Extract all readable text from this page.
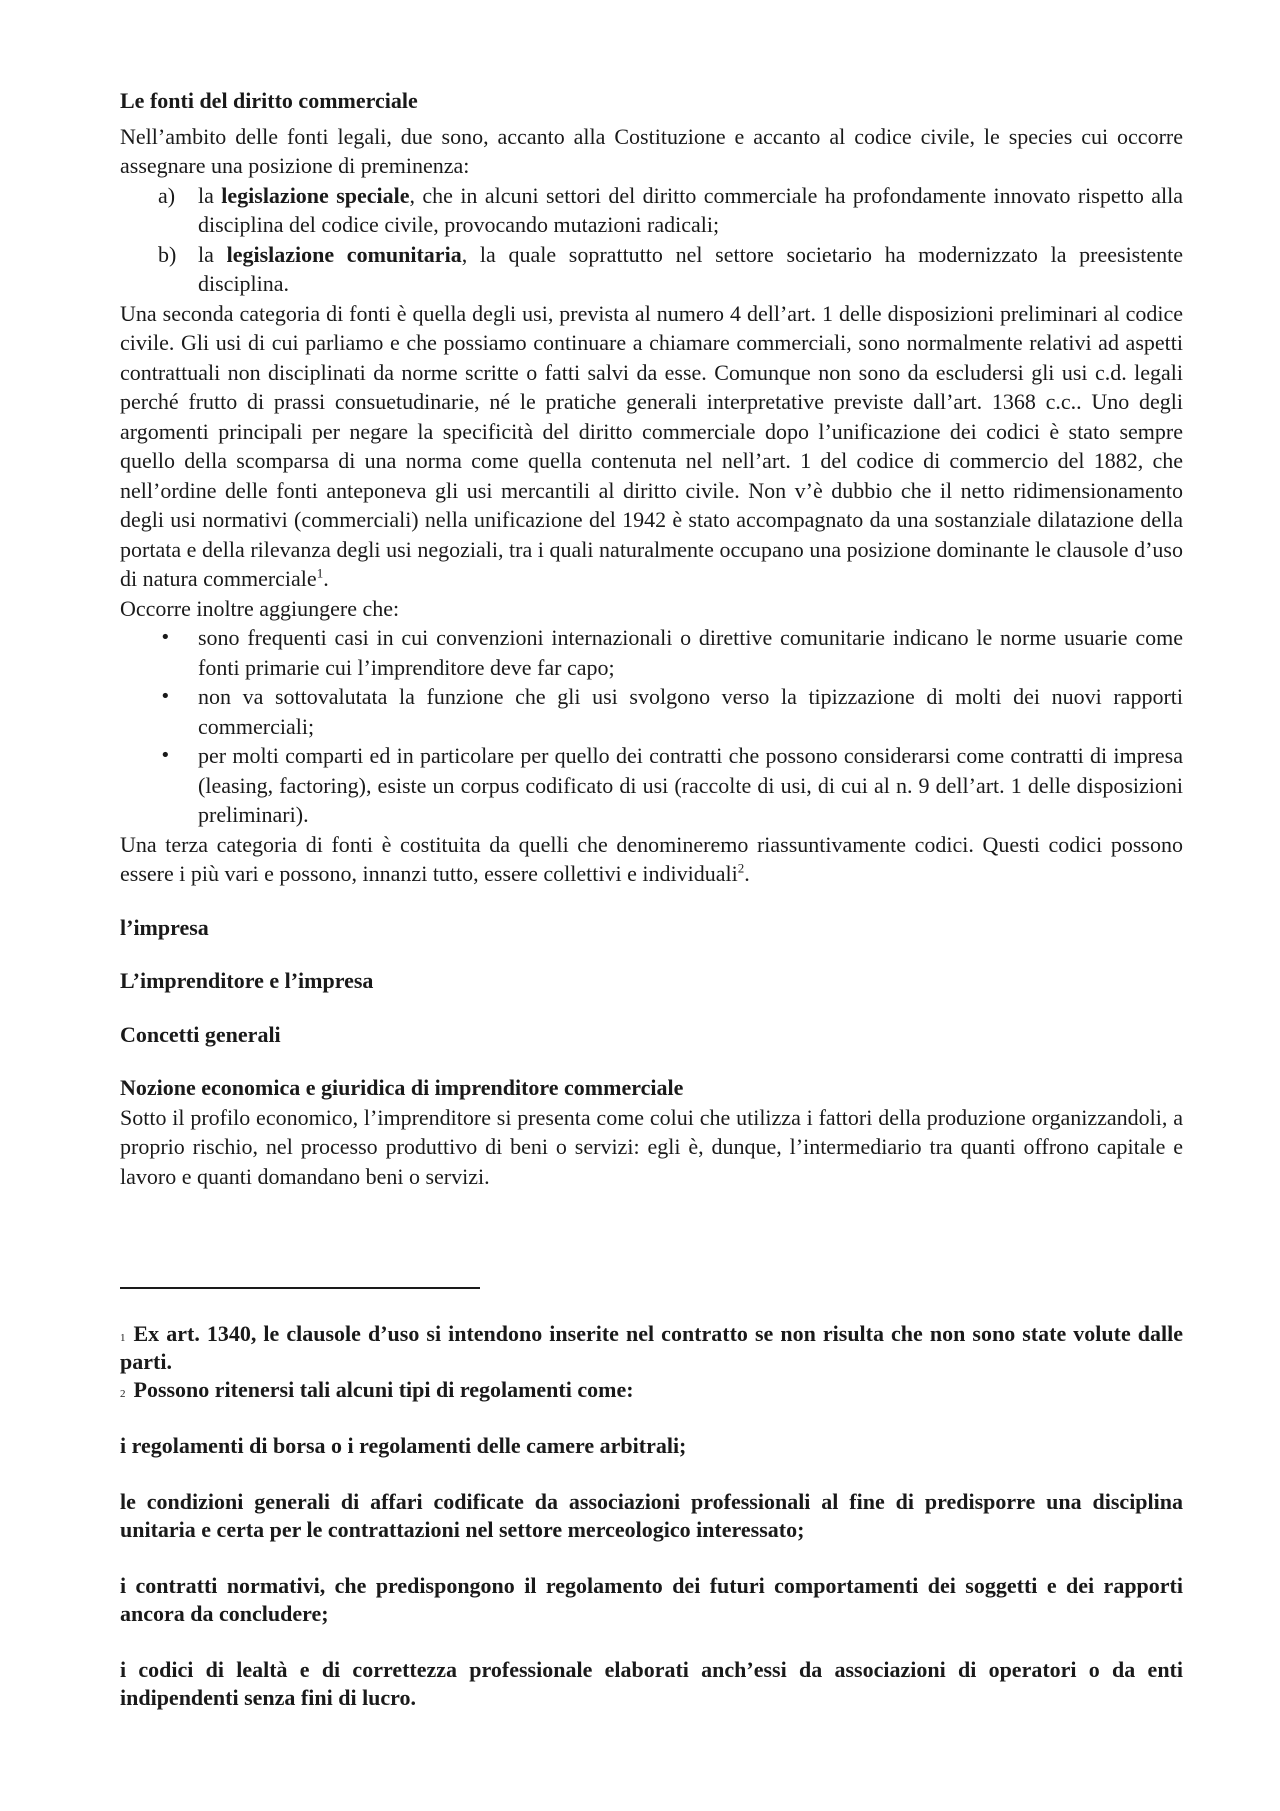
Le fonti del diritto commerciale

Nell’ambito delle fonti legali, due sono, accanto alla Costituzione e accanto al codice civile, le species cui occorre assegnare una posizione di preminenza:

a) la legislazione speciale, che in alcuni settori del diritto commerciale ha profondamente innovato rispetto alla disciplina del codice civile, provocando mutazioni radicali;
b) la legislazione comunitaria, la quale soprattutto nel settore societario ha modernizzato la preesistente disciplina.

Una seconda categoria di fonti è quella degli usi, prevista al numero 4 dell’art. 1 delle disposizioni preliminari al codice civile. Gli usi di cui parliamo e che possiamo continuare a chiamare commerciali, sono normalmente relativi ad aspetti contrattuali non disciplinati da norme scritte o fatti salvi da esse. Comunque non sono da escludersi gli usi c.d. legali perché frutto di prassi consuetudinarie, né le pratiche generali interpretative previste dall’art. 1368 c.c.. Uno degli argomenti principali per negare la specificità del diritto commerciale dopo l’unificazione dei codici è stato sempre quello della scomparsa di una norma come quella contenuta nel nell’art. 1 del codice di commercio del 1882, che nell’ordine delle fonti anteponeva gli usi mercantili al diritto civile. Non v’è dubbio che il netto ridimensionamento degli usi normativi (commerciali) nella unificazione del 1942 è stato accompagnato da una sostanziale dilatazione della portata e della rilevanza degli usi negoziali, tra i quali naturalmente occupano una posizione dominante le clausole d’uso di natura commerciale$^1$.

Occorre inoltre aggiungere che:

• sono frequenti casi in cui convenzioni internazionali o direttive comunitarie indicano le norme usuarie come fonti primarie cui l’imprenditore deve far capo;
• non va sottovalutata la funzione che gli usi svolgono verso la tipizzazione di molti dei nuovi rapporti commerciali;
• per molti comparti ed in particolare per quello dei contratti che possono considerarsi come contratti di impresa (leasing, factoring), esiste un corpus codificato di usi (raccolte di usi, di cui al n. 9 dell’art. 1 delle disposizioni preliminari).

Una terza categoria di fonti è costituita da quelli che denomineremo riassuntivamente codici. Questi codici possono essere i più vari e possono, innanzi tutto, essere collettivi e individuali$^2$.

l’impresa

L’imprenditore e l’impresa

Concetti generali

Nozione economica e giuridica di imprenditore commerciale

Sotto il profilo economico, l’imprenditore si presenta come colui che utilizza i fattori della produzione organizzandoli, a proprio rischio, nel processo produttivo di beni o servizi: egli è, dunque, l’intermediario tra quanti offrono capitale e lavoro e quanti domandano beni o servizi.

$^1$ Ex art. 1340, le clausole d’uso si intendono inserite nel contratto se non risulta che non sono state volute dalle parti.

$^2$ Possono ritenersi tali alcuni tipi di regolamenti come:

i regolamenti di borsa o i regolamenti delle camere arbitrali;

le condizioni generali di affari codificate da associazioni professionali al fine di predisporre una disciplina unitaria e certa per le contrattazioni nel settore merceologico interessato;

i contratti normativi, che predispongono il regolamento dei futuri comportamenti dei soggetti e dei rapporti ancora da concludere;

i codici di lealtà e di correttezza professionale elaborati anch’essi da associazioni di operatori o da enti indipendenti senza fini di lucro.
